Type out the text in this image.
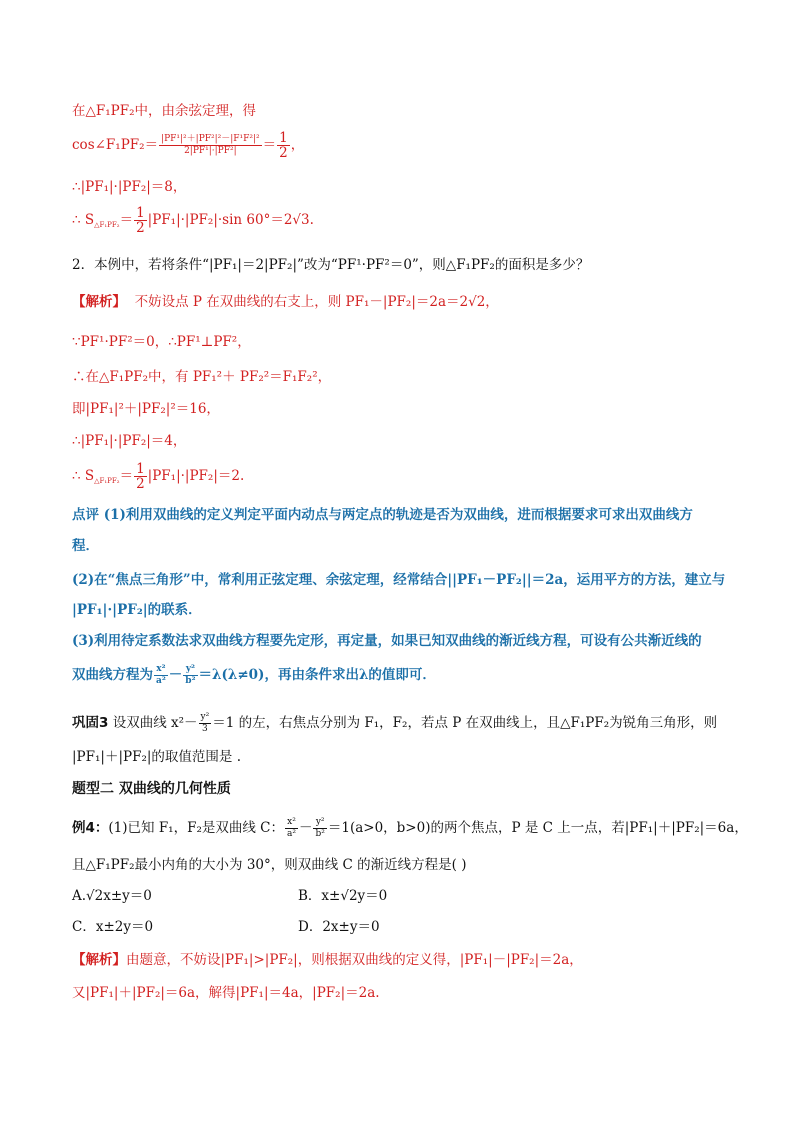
在△F₁PF₂中，由余弦定理，得
cos∠F₁PF₂＝ $\frac{\text{|PF¹|²＋|PF²|²－|F¹F²|²}}{\text{2|PF¹|·|PF²|}} = \frac{1}{2}$ ，
∴|PF₁|·|PF₂|＝8，
∴ $S_{\triangle F_1PF_2}= \frac{1}{2} |PF_1|\cdot|PF_2|\cdot\sin$ 60°＝2√3.
2．本例中，若将条件“|PF₁|＝2|PF₂|”改为“PF¹·PF²＝0”，则△F₁PF₂的面积是多少？
【解析】 不妨设点 P 在双曲线的右支上，则 PF₁－|PF₂|＝2a＝2√2，
∵PF¹·PF²＝0，∴PF¹⊥PF²，
∴在△F₁PF₂中，有 PF₁²＋ PF₂²＝F₁F₂²，
即|PF₁|²＋|PF₂|²＝16，
∴|PF₁|·|PF₂|＝4，
∴ $S_{\triangle F_1PF_2}= \frac{1}{2} |PF_1|\cdot|PF_2|=2$.
点评 (1)利用双曲线的定义判定平面内动点与两定点的轨迹是否为双曲线，进而根据要求可求出双曲线方
程．
(2)在“焦点三角形”中，常利用正弦定理、余弦定理，经常结合||PF₁－PF₂||＝2a，运用平方的方法，建立与
|PF₁|·|PF₂|的联系．
(3)利用待定系数法求双曲线方程要先定形，再定量，如果已知双曲线的渐近线方程，可设有公共渐近线的
双曲线方程为 $\frac{\text{x²}}{\text{a²}} - \frac{\text{y²}}{\text{b²}} =\lambda(\lambda\ne 0)$，再由条件求出λ的值即可．
巩固3 设双曲线 $x^2- \frac{\text{y²}}{3} =1$ 的左，右焦点分别为 F₁，F₂，若点 P 在双曲线上，且△F₁PF₂为锐角三角形，则
|PF₁|＋|PF₂|的取值范围是 .
题型二 双曲线的几何性质
例4：(1)已知 F₁，F₂是双曲线 C： $\frac{\text{x²}}{\text{a²}} - \frac{\text{y²}}{\text{b²}} =1(a>0$，b>0)的两个焦点，P 是 C 上一点，若|PF₁|＋|PF₂|＝6a，
且△F₁PF₂最小内角的大小为 30°，则双曲线 C 的渐近线方程是( )
A.√2x±y＝0	B．x±√2y＝0
C．x±2y＝0	D．2x±y＝0
【解析】由题意，不妨设|PF₁|>|PF₂|，则根据双曲线的定义得，|PF₁|－|PF₂|＝2a，
又|PF₁|＋|PF₂|＝6a，解得|PF₁|＝4a，|PF₂|＝2a.
